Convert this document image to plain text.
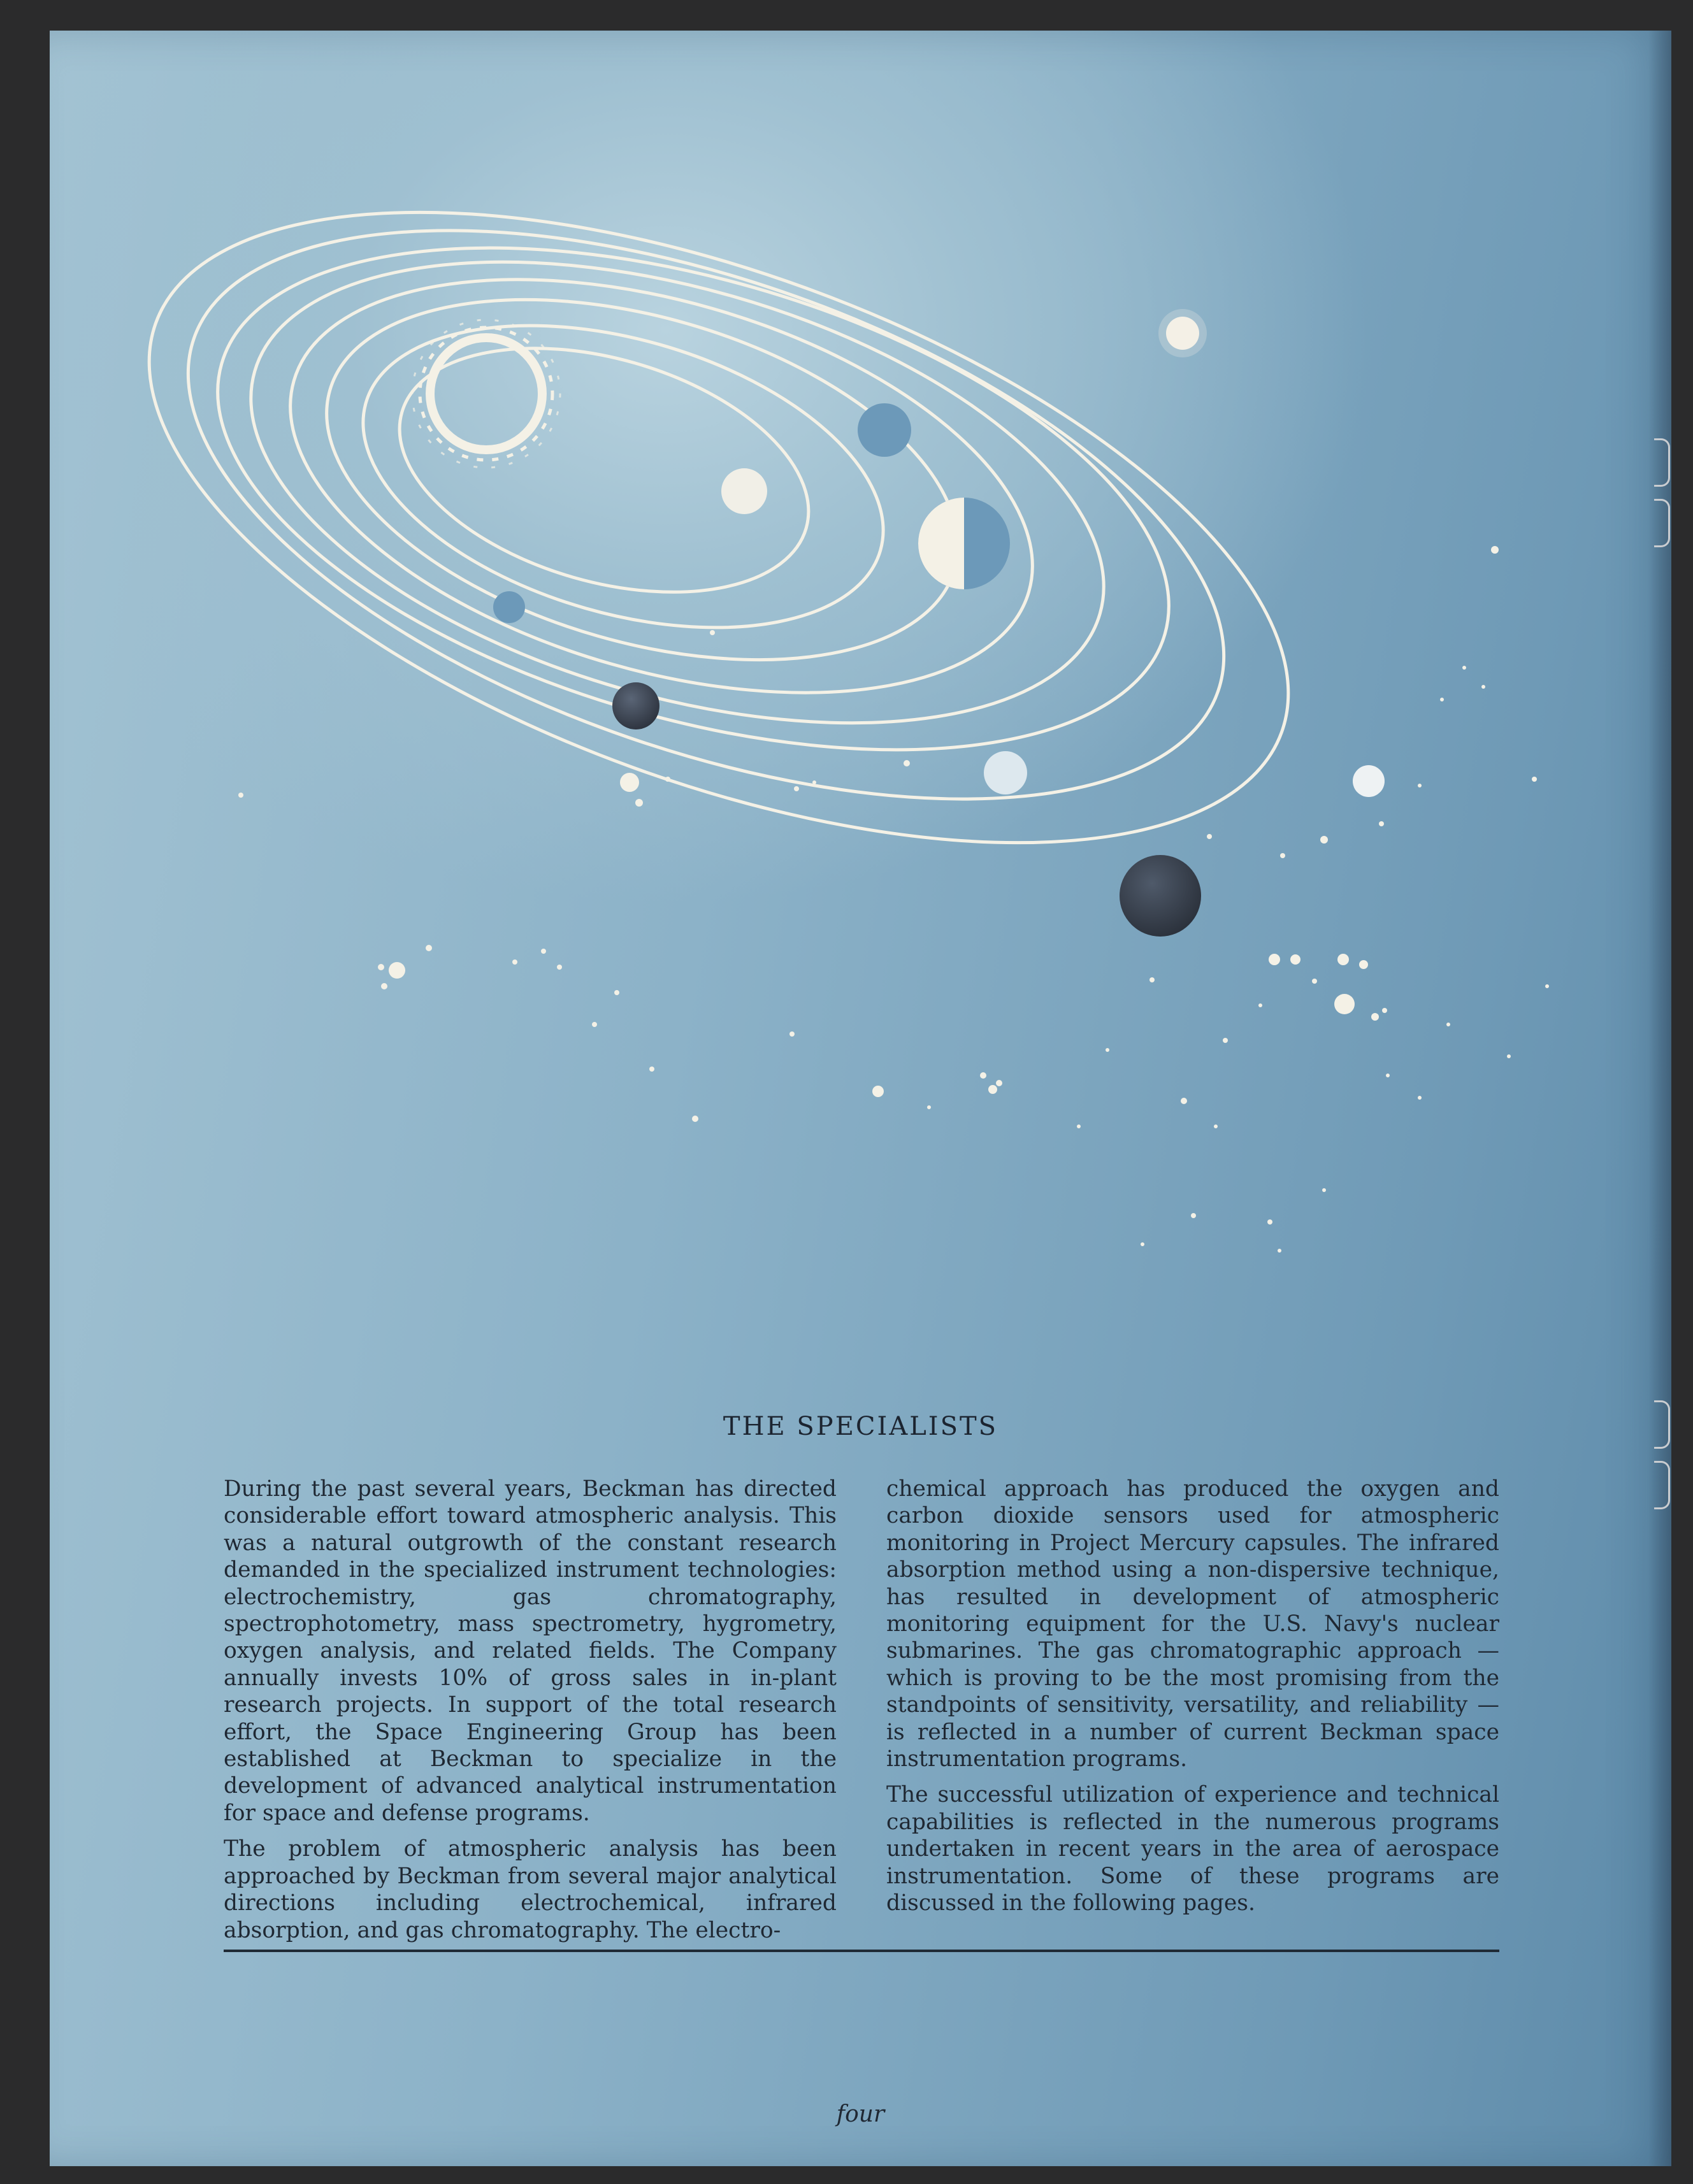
THE SPECIALISTS

During the past several years, Beckman has directed considerable effort toward atmospheric analysis. This was a natural outgrowth of the constant research demanded in the specialized instrument technologies: electrochemistry, gas chromatography, spectrophotometry, mass spectrometry, hygrometry, oxygen analysis, and related fields. The Company annually invests 10% of gross sales in in-plant research projects. In support of the total research effort, the Space Engineering Group has been established at Beckman to specialize in the development of advanced analytical instrumentation for space and defense programs.

The problem of atmospheric analysis has been approached by Beckman from several major analytical directions including electrochemical, infrared absorption, and gas chromatography. The electro-

chemical approach has produced the oxygen and carbon dioxide sensors used for atmospheric monitoring in Project Mercury capsules. The infrared absorption method using a non-dispersive technique, has resulted in development of atmospheric monitoring equipment for the U.S. Navy's nuclear submarines. The gas chromatographic approach — which is proving to be the most promising from the standpoints of sensitivity, versatility, and reliability — is reflected in a number of current Beckman space instrumentation programs.

The successful utilization of experience and technical capabilities is reflected in the numerous programs undertaken in recent years in the area of aerospace instrumentation. Some of these programs are discussed in the following pages.

four
